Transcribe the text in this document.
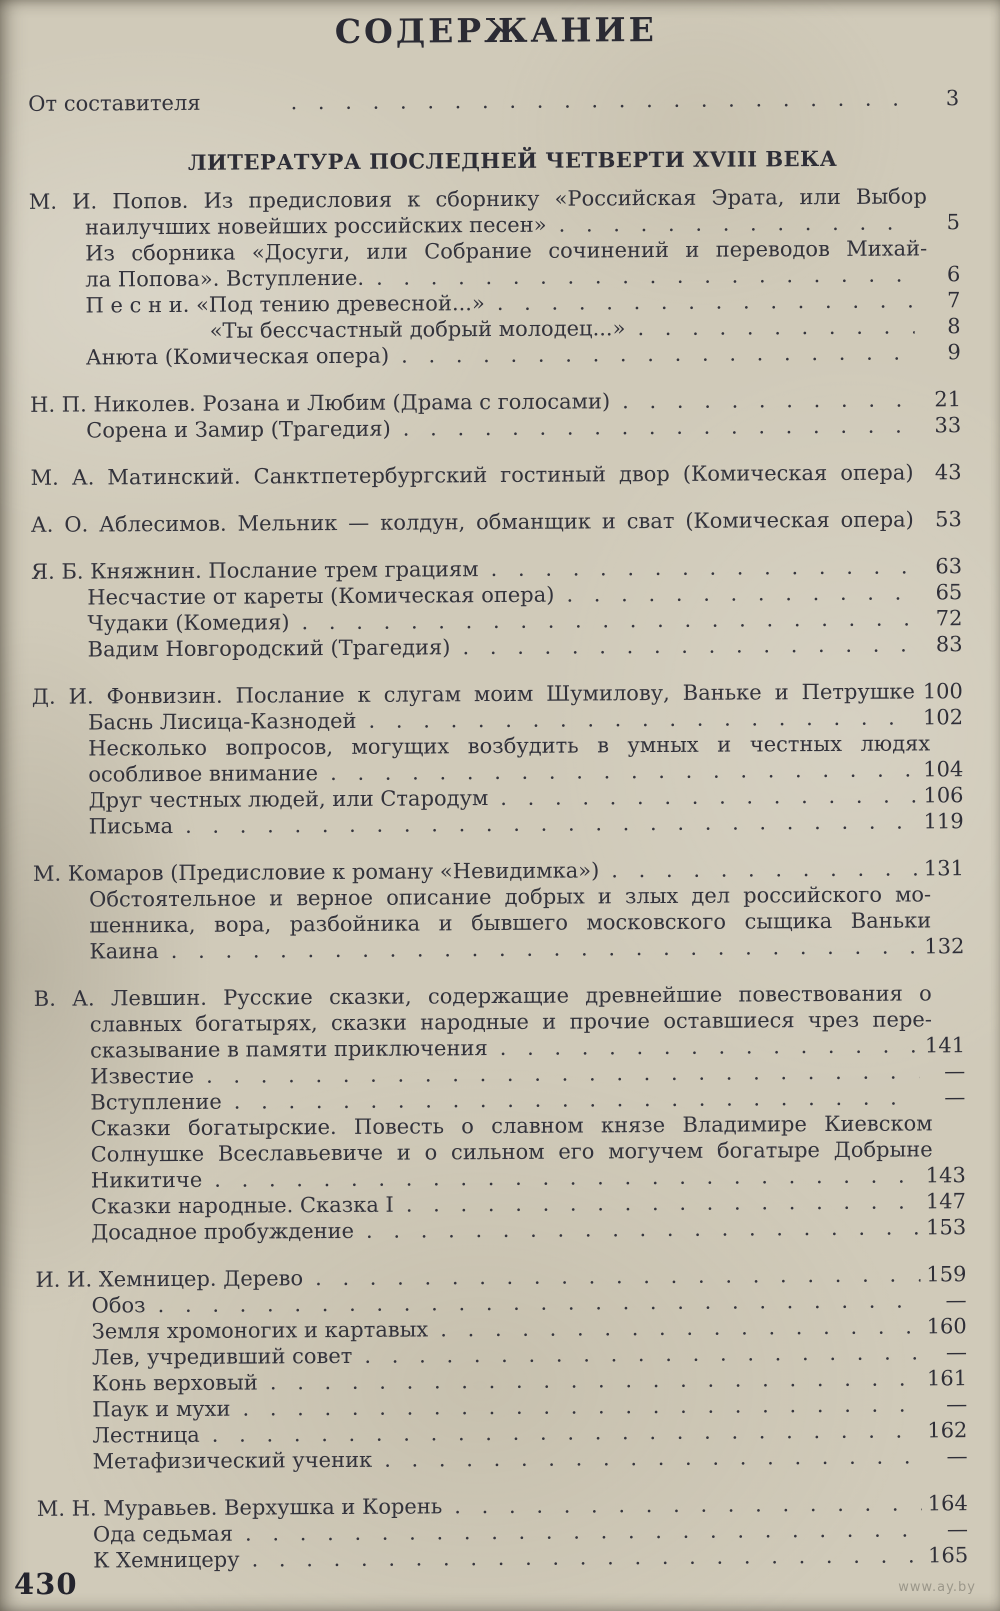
СОДЕРЖАНИЕ
От составителя . . .	3
ЛИТЕРАТУРА ПОСЛЕДНЕЙ ЧЕТВЕРТИ XVIII ВЕКА
М. И. Попов. Из предисловия к сборнику «Российская Эрата, или Выбор
наилучших новейших российских песен» . . .	5
Из сборника «Досуги, или Собрание сочинений и переводов Михай-
ла Попова». Вступление. . . .	6
П е с н и. «Под тению древесной...» . . .	7
«Ты бессчастный добрый молодец...» . . .	8
Анюта (Комическая опера) . . .	9
Н. П. Николев. Розана и Любим (Драма с голосами) . . .	21
Сорена и Замир (Трагедия) . . .	33
М. А. Матинский. Санктпетербургский гостиный двор (Комическая опера)	43
А. О. Аблесимов. Мельник — колдун, обманщик и сват (Комическая опера)	53
Я. Б. Княжнин. Послание трем грациям . . .	63
Несчастие от кареты (Комическая опера) . . .	65
Чудаки (Комедия) . . .	72
Вадим Новгородский (Трагедия) . . .	83
Д. И. Фонвизин. Послание к слугам моим Шумилову, Ваньке и Петрушке 100
Баснь Лисица-Казнодей . . .	102
Несколько вопросов, могущих возбудить в умных и честных людях
особливое внимание . . .	104
Друг честных людей, или Стародум . . .	106
Письма . . .	119
М. Комаров (Предисловие к роману «Невидимка») . . .	131
Обстоятельное и верное описание добрых и злых дел российского мо-
шенника, вора, разбойника и бывшего московского сыщика Ваньки
Каина . . .	132
В. А. Левшин. Русские сказки, содержащие древнейшие повествования о
славных богатырях, сказки народные и прочие оставшиеся чрез пере-
сказывание в памяти приключения . . .	141
Известие . . .	—
Вступление . . .	—
Сказки богатырские. Повесть о славном князе Владимире Киевском
Солнушке Всеславьевиче и о сильном его могучем богатыре Добрыне
Никитиче . . .	143
Сказки народные. Сказка I . . .	147
Досадное пробуждение . . .	153
И. И. Хемницер. Дерево . . .	159
Обоз . . .	—
Земля хромоногих и картавых . . .	160
Лев, учредивший совет . . .	—
Конь верховый . . .	161
Паук и мухи . . .	—
Лестница . . .	162
Метафизический ученик . . .	—
М. Н. Муравьев. Верхушка и Корень . . .	164
Ода седьмая . . .	—
К Хемницеру . . .	165
430	www.ay.by
